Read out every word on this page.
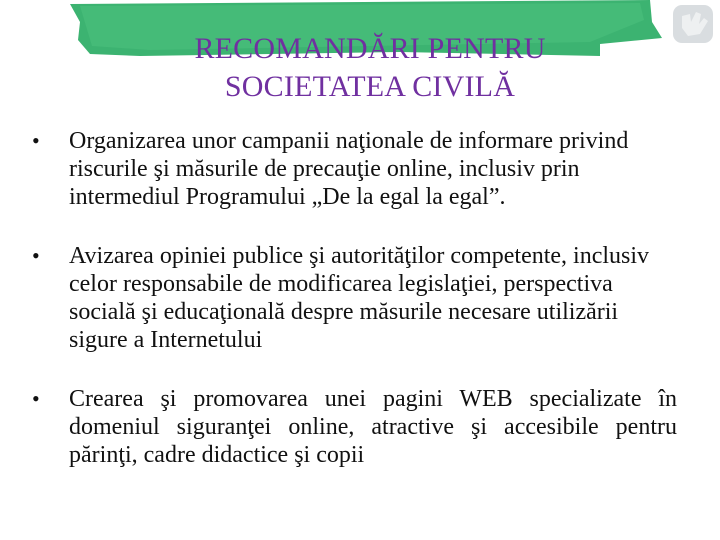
RECOMANDĂRI PENTRU
SOCIETATEA CIVILĂ
•	Organizarea unor campanii naţionale de informare privind riscurile şi măsurile de precauţie online, inclusiv prin intermediul Programului „De la egal la egal”.
•	Avizarea opiniei publice şi autorităţilor competente, inclusiv celor responsabile de modificarea legislaţiei, perspectiva socială şi educaţională despre măsurile necesare utilizării sigure a Internetului
•	Crearea şi promovarea unei pagini WEB specializate în domeniul siguranţei online, atractive şi accesibile pentru părinţi, cadre didactice şi copii
